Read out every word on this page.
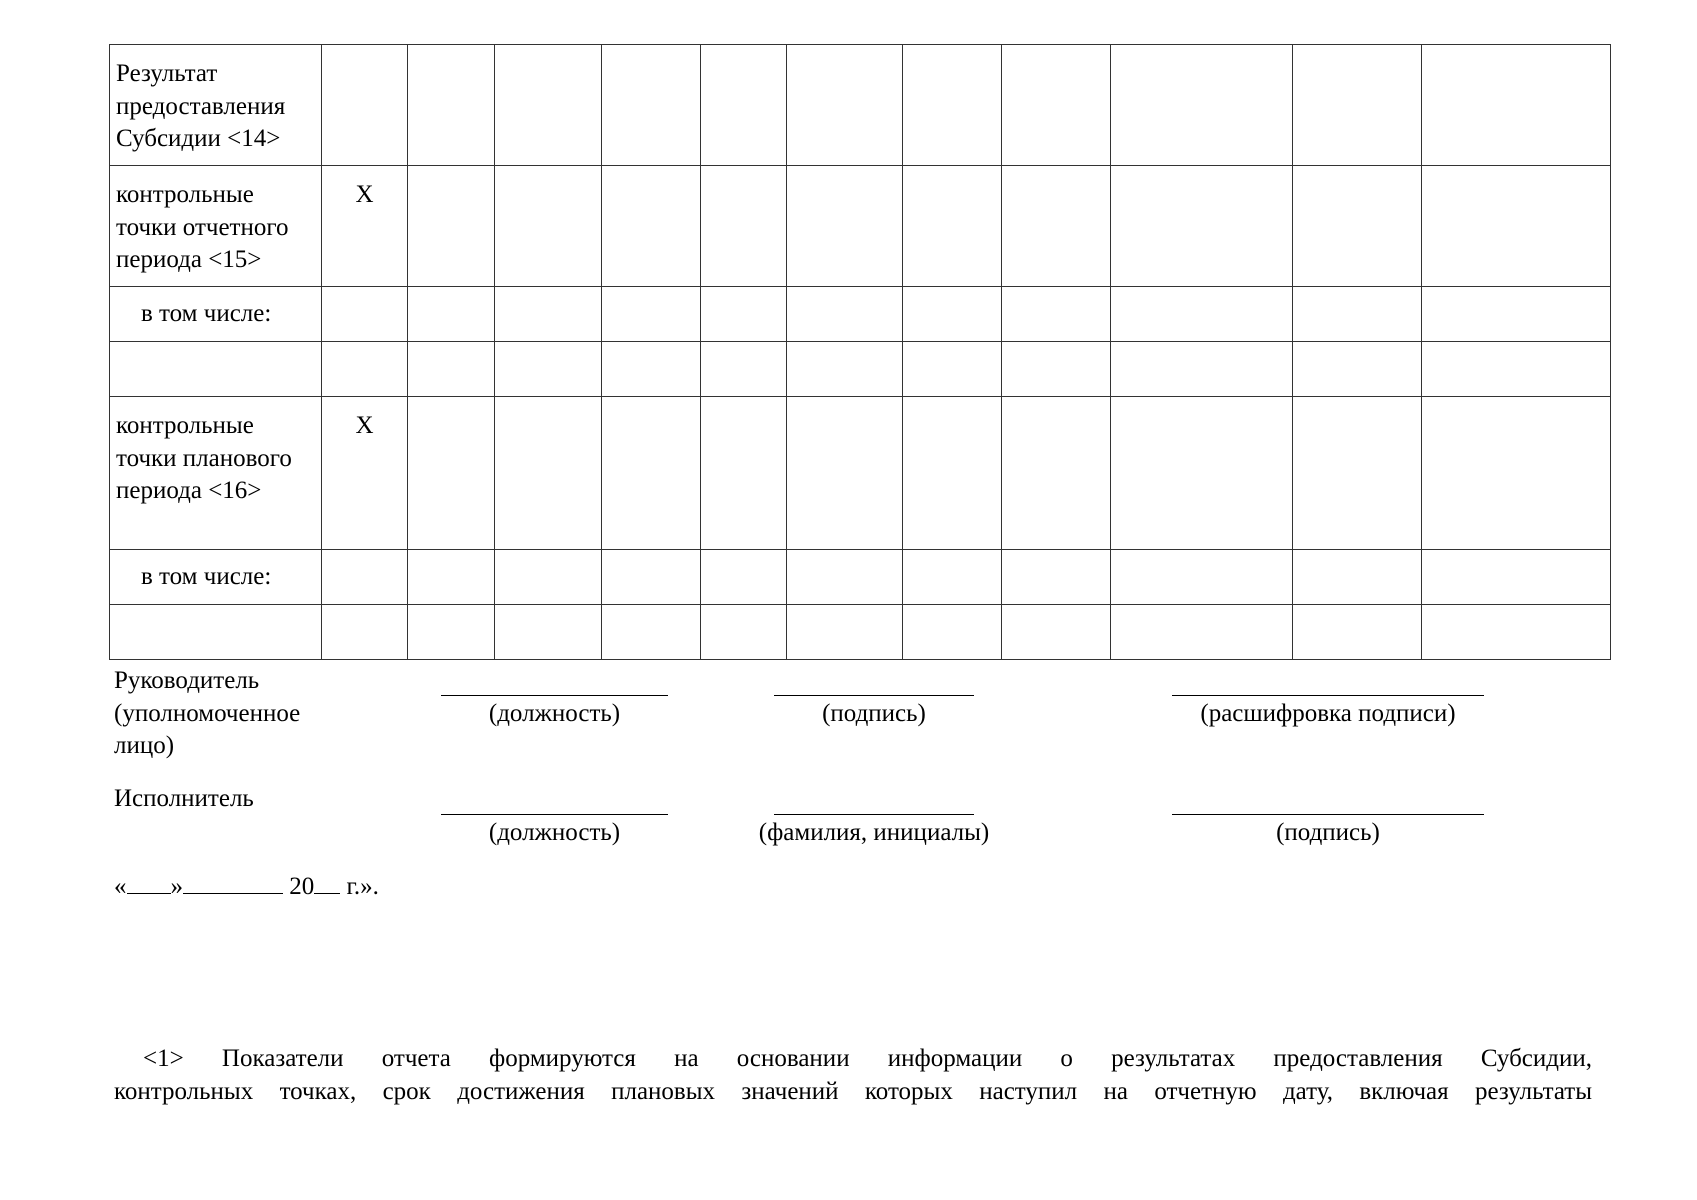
Результат предоставления Субсидии <14>											
контрольные точки отчетного периода <15>	X										
в том числе:											

контрольные точки планового периода <16>	X										
в том числе:											

Руководитель (уполномоченное лицо)
(должность)	(подпись)	(расшифровка подписи)
Исполнитель
(должность)	(фамилия, инициалы)	(подпись)
« »	20 г.».

<1> Показатели отчета формируются на основании информации о результатах предоставления Субсидии,

контрольных точках, срок достижения плановых значений которых наступил на отчетную дату, включая результаты
